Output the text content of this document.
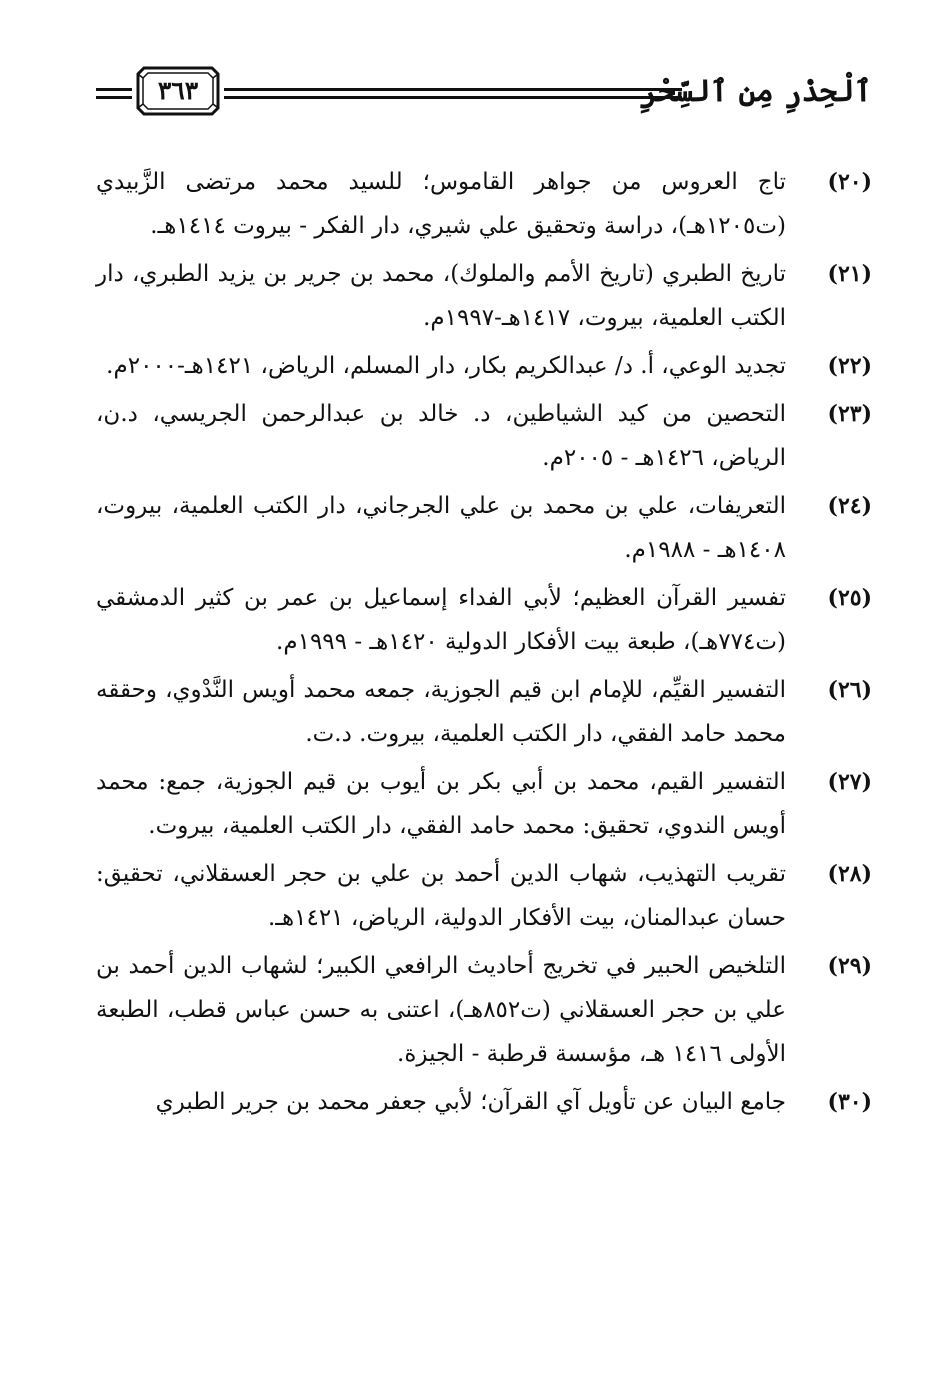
ٱلْحِذْرِ مِن ٱلسِّحْرِ
٣٦٣
(٢٠)
تاج العروس من جواهر القاموس؛ للسيد محمد مرتضى الزَّبيدي (ت١٢٠٥هـ)، دراسة وتحقيق علي شيري، دار الفكر - بيروت ١٤١٤هـ.
(٢١)
تاريخ الطبري (تاريخ الأمم والملوك)، محمد بن جرير بن يزيد الطبري، دار الكتب العلمية، بيروت، ١٤١٧هـ-١٩٩٧م.
(٢٢)
تجديد الوعي، أ. د/ عبدالكريم بكار، دار المسلم، الرياض، ١٤٢١هـ-٢٠٠٠م.
(٢٣)
التحصين من كيد الشياطين، د. خالد بن عبدالرحمن الجريسي، د.ن، الرياض، ١٤٢٦هـ - ٢٠٠٥م.
(٢٤)
التعريفات، علي بن محمد بن علي الجرجاني، دار الكتب العلمية، بيروت، ١٤٠٨هـ - ١٩٨٨م.
(٢٥)
تفسير القرآن العظيم؛ لأبي الفداء إسماعيل بن عمر بن كثير الدمشقي (ت٧٧٤هـ)، طبعة بيت الأفكار الدولية ١٤٢٠هـ - ١٩٩٩م.
(٢٦)
التفسير القيِّم، للإمام ابن قيم الجوزية، جمعه محمد أويس النَّدْوي، وحققه محمد حامد الفقي، دار الكتب العلمية، بيروت. د.ت.
(٢٧)
التفسير القيم، محمد بن أبي بكر بن أيوب بن قيم الجوزية، جمع: محمد أويس الندوي، تحقيق: محمد حامد الفقي، دار الكتب العلمية، بيروت.
(٢٨)
تقريب التهذيب، شهاب الدين أحمد بن علي بن حجر العسقلاني، تحقيق: حسان عبدالمنان، بيت الأفكار الدولية، الرياض، ١٤٢١هـ.
(٢٩)
التلخيص الحبير في تخريج أحاديث الرافعي الكبير؛ لشهاب الدين أحمد بن علي بن حجر العسقلاني (ت٨٥٢هـ)، اعتنى به حسن عباس قطب، الطبعة الأولى ١٤١٦ هـ، مؤسسة قرطبة - الجيزة.
(٣٠)
جامع البيان عن تأويل آي القرآن؛ لأبي جعفر محمد بن جرير الطبري
